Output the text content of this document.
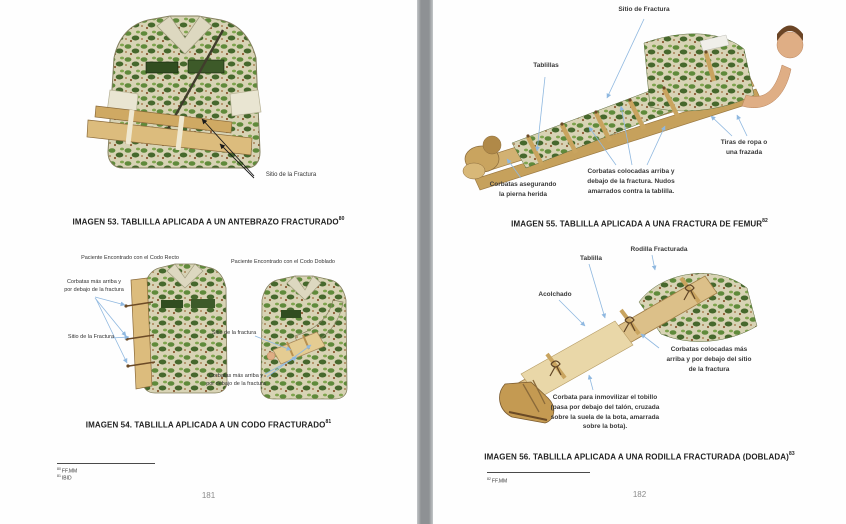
Sitio de la Fractura
IMAGEN 53. TABLILLA APLICADA A UN ANTEBRAZO FRACTURADO$^{80}$
Paciente Encontrado con el Codo Recto
Paciente Encontrado con el Codo Doblado
Corbatas más arriba y
por debajo de la fractura
Sitio de la Fractura
Sitio de la fractura
Corbatas más arriba y
por debajo de la fractura
IMAGEN 54. TABLILLA APLICADA A UN CODO FRACTURADO$^{81}$
$^{80}$FF.MM
$^{81}$IBID
181
Sitio de Fractura
Tablillas
Tiras de ropa o
una frazada
Corbatas asegurando
la pierna herida
Corbatas colocadas arriba y
debajo de la fractura. Nudos
amarrados contra la tablilla.
IMAGEN 55. TABLILLA APLICADA A UNA FRACTURA DE FEMUR$^{82}$
Tablilla
Rodilla Fracturada
Acolchado
Corbatas colocadas más
arriba y por debajo del sitio
de la fractura
Corbata para inmovilizar el tobillo
(pasa por debajo del talón, cruzada
sobre la suela de la bota, amarrada
sobre la bota).
IMAGEN 56. TABLILLA APLICADA A UNA RODILLA FRACTURADA (DOBLADA)$^{83}$
$^{82}$FF.MM
182
